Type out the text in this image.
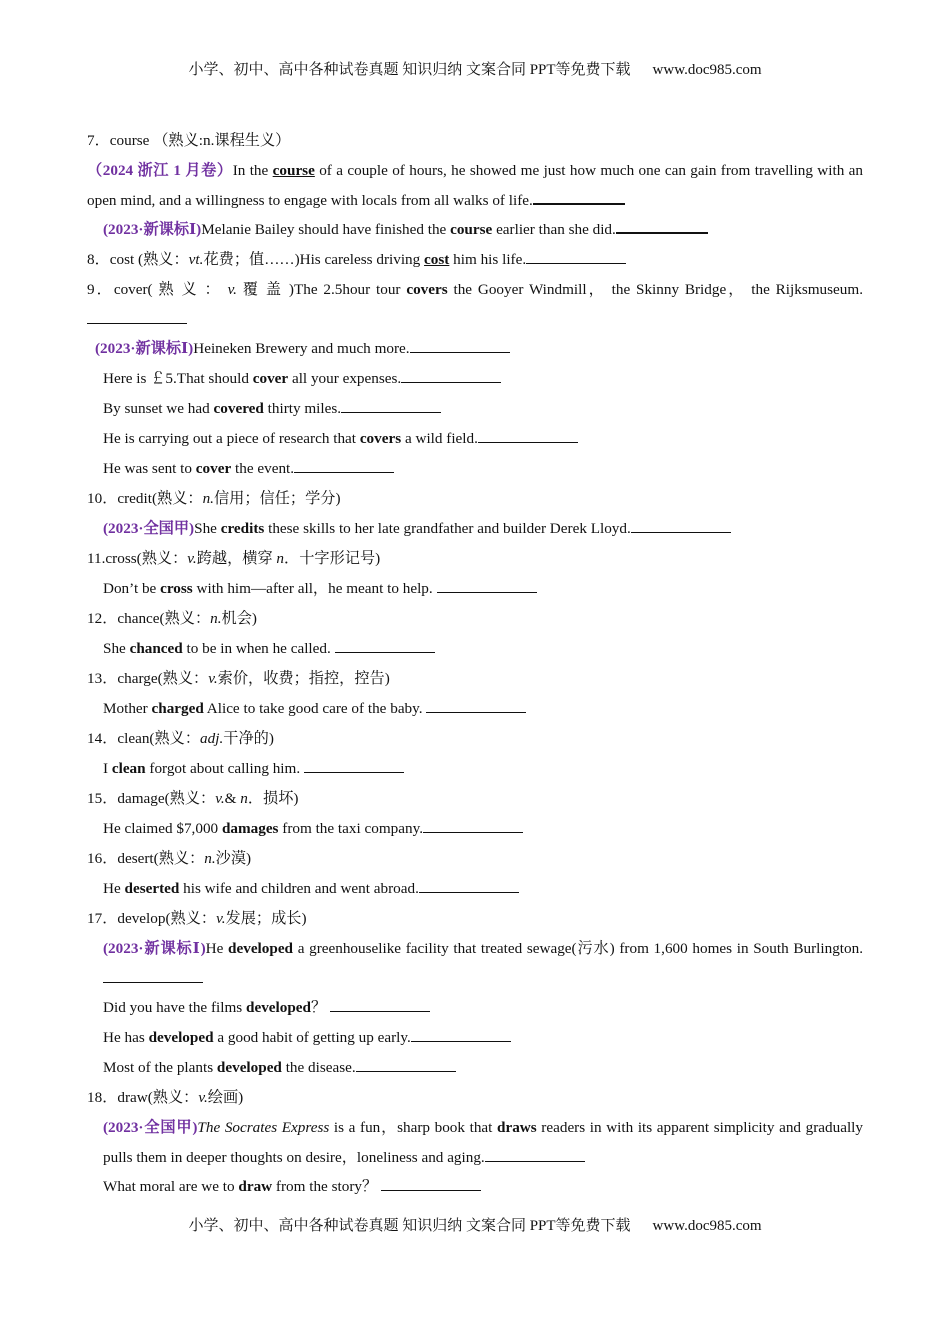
小学、初中、高中各种试卷真题 知识归纳 文案合同 PPT等免费下载 www.doc985.com
7．course （熟义:n.课程生义）
（2024 浙江 1 月卷）In the course of a couple of hours, he showed me just how much one can gain from travelling with an open mind, and a willingness to engage with locals from all walks of life.
(2023·新课标Ⅰ)Melanie Bailey should have finished the course earlier than she did.
8．cost (熟义：vt.花费；值……)His careless driving cost him his life.
9．cover( 熟 义 ： v. 覆 盖 )The 2.5hour tour covers the Gooyer Windmill， the Skinny Bridge， the Rijksmuseum.
(2023·新课标Ⅰ)Heineken Brewery and much more.
Here is ￡5.That should cover all your expenses.
By sunset we had covered thirty miles.
He is carrying out a piece of research that covers a wild field.
He was sent to cover the event.
10．credit(熟义：n.信用；信任；学分)
(2023·全国甲)She credits these skills to her late grandfather and builder Derek Lloyd.
11.cross(熟义：v.跨越，横穿 n．十字形记号)
Don’t be cross with him—after all，he meant to help.
12．chance(熟义：n.机会)
She chanced to be in when he called.
13．charge(熟义：v.索价，收费；指控，控告)
Mother charged Alice to take good care of the baby.
14．clean(熟义：adj.干净的)
I clean forgot about calling him.
15．damage(熟义：v.& n．损坏)
He claimed $7,000 damages from the taxi company.
16．desert(熟义：n.沙漠)
He deserted his wife and children and went abroad.
17．develop(熟义：v.发展；成长)
(2023·新课标Ⅰ)He developed a greenhouselike facility that treated sewage(污水) from 1,600 homes in South Burlington.
Did you have the films developed？
He has developed a good habit of getting up early.
Most of the plants developed the disease.
18．draw(熟义：v.绘画)
(2023·全国甲)The Socrates Express is a fun，sharp book that draws readers in with its apparent simplicity and gradually pulls them in deeper thoughts on desire，loneliness and aging.
What moral are we to draw from the story？
小学、初中、高中各种试卷真题 知识归纳 文案合同 PPT等免费下载 www.doc985.com
